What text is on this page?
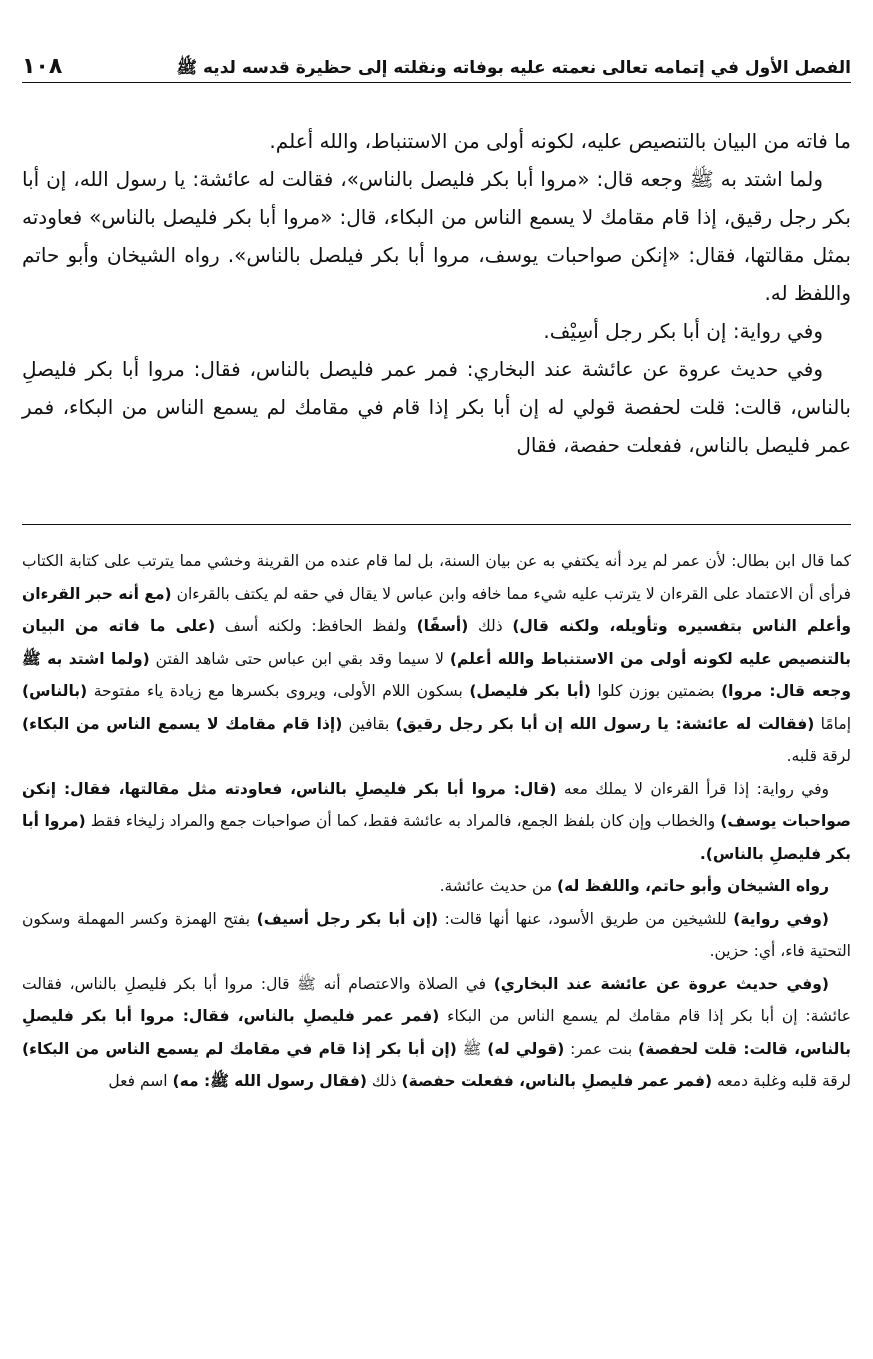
الفصل الأول في إتمامه تعالى نعمته عليه بوفاته ونقلته إلى حظيرة قدسه لديه ﷺ
١٠٨

ما فاته من البيان بالتنصيص عليه، لكونه أولى من الاستنباط، والله أعلم.

ولما اشتد به ﷺ وجعه قال: «مروا أبا بكر فليصل بالناس»، فقالت له عائشة: يا رسول الله، إن أبا بكر رجل رقيق، إذا قام مقامك لا يسمع الناس من البكاء، قال: «مروا أبا بكر فليصل بالناس» فعاودته بمثل مقالتها، فقال: «إنكن صواحبات يوسف، مروا أبا بكر فيلصل بالناس». رواه الشيخان وأبو حاتم واللفظ له.

وفي رواية: إن أبا بكر رجل أسِيْف.

وفي حديث عروة عن عائشة عند البخاري: فمر عمر فليصل بالناس، فقال: مروا أبا بكر فليصلِ بالناس، قالت: قلت لحفصة قولي له إن أبا بكر إذا قام في مقامك لم يسمع الناس من البكاء، فمر عمر فليصل بالناس، ففعلت حفصة، فقال

كما قال ابن بطال: لأن عمر لم يرد أنه يكتفي به عن بيان السنة، بل لما قام عنده من القرينة وخشي مما يترتب على كتابة الكتاب فرأى أن الاعتماد على القرءان لا يترتب عليه شيء مما خافه وابن عباس لا يقال في حقه لم يكتف بالقرءان (مع أنه حبر القرءان وأعلم الناس بتفسيره وتأويله، ولكنه قال) ذلك (أسفًا) ولفظ الحافظ: ولكنه أسف (على ما فاته من البيان بالتنصيص عليه لكونه أولى من الاستنباط والله أعلم) لا سيما وقد بقي ابن عباس حتى شاهد الفتن (ولما اشتد به ﷺ وجعه قال: مروا) بضمتين بوزن كلوا (أبا بكر فليصل) بسكون اللام الأولى، ويروى بكسرها مع زيادة ياء مفتوحة (بالناس) إمامًا (فقالت له عائشة: يا رسول الله إن أبا بكر رجل رقيق) بقافين (إذا قام مقامك لا يسمع الناس من البكاء) لرقة قلبه.

وفي رواية: إذا قرأ القرءان لا يملك معه (قال: مروا أبا بكر فليصلِ بالناس، فعاودته مثل مقالتها، فقال: إنكن صواحبات يوسف) والخطاب وإن كان بلفظ الجمع، فالمراد به عائشة فقط، كما أن صواحبات جمع والمراد زليخاء فقط (مروا أبا بكر فليصلِ بالناس).

رواه الشيخان وأبو حاتم، واللفظ له) من حديث عائشة.

(وفي رواية) للشيخين من طريق الأسود، عنها أنها قالت: (إن أبا بكر رجل أسيف) بفتح الهمزة وكسر المهملة وسكون التحتية فاء، أي: حزين.

(وفي حديث عروة عن عائشة عند البخاري) في الصلاة والاعتصام أنه ﷺ قال: مروا أبا بكر فليصلِ بالناس، فقالت عائشة: إن أبا بكر إذا قام مقامك لم يسمع الناس من البكاء (فمر عمر فليصلِ بالناس، فقال: مروا أبا بكر فليصلِ بالناس، قالت: قلت لحفصة) بنت عمر: (قولي له) ﷺ (إن أبا بكر إذا قام في مقامك لم يسمع الناس من البكاء) لرقة قلبه وغلبة دمعه (فمر عمر فليصلِ بالناس، ففعلت حفصة) ذلك (فقال رسول الله ﷺ: مه) اسم فعل
